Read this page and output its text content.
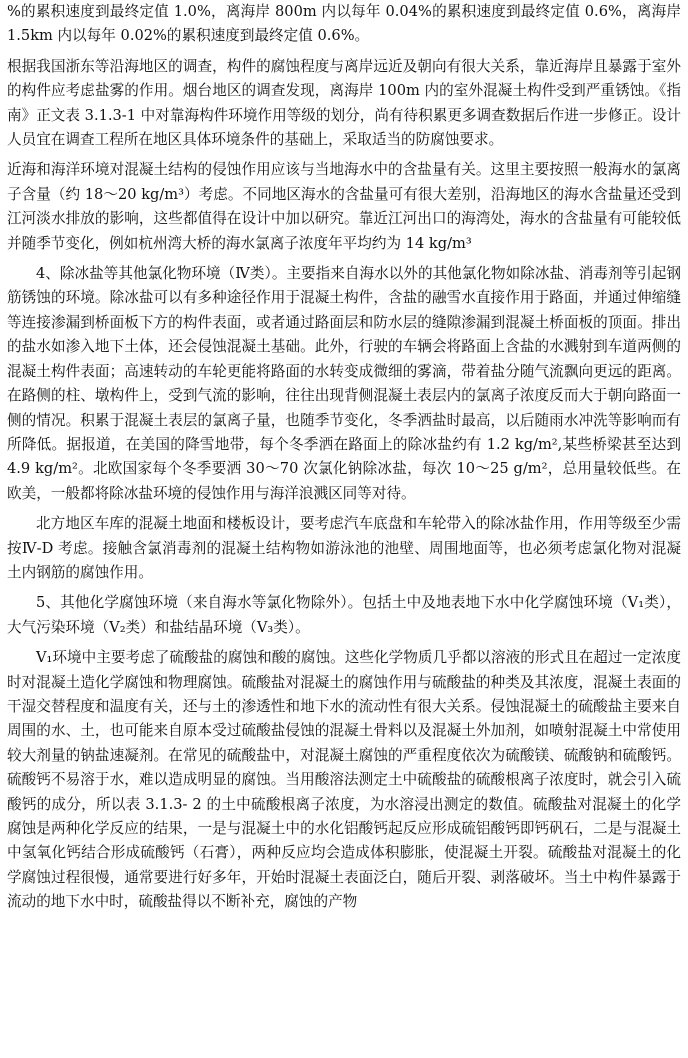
%的累积速度到最终定值 1.0%，离海岸 800m 内以每年 0.04%的累积速度到最终定值 0.6%，离海岸 1.5km 内以每年 0.02%的累积速度到最终定值 0.6%。

根据我国浙东等沿海地区的调查，构件的腐蚀程度与离岸远近及朝向有很大关系，靠近海岸且暴露于室外的构件应考虑盐雾的作用。烟台地区的调查发现，离海岸 100m 内的室外混凝土构件受到严重锈蚀。《指南》正文表 3.1.3-1 中对靠海构件环境作用等级的划分，尚有待积累更多调查数据后作进一步修正。设计人员宜在调查工程所在地区具体环境条件的基础上，采取适当的防腐蚀要求。

近海和海洋环境对混凝土结构的侵蚀作用应该与当地海水中的含盐量有关。这里主要按照一般海水的氯离子含量（约 18～20 kg/m³）考虑。不同地区海水的含盐量可有很大差别，沿海地区的海水含盐量还受到江河淡水排放的影响，这些都值得在设计中加以研究。靠近江河出口的海湾处，海水的含盐量有可能较低并随季节变化，例如杭州湾大桥的海水氯离子浓度年平均约为 14 kg/m³

4、除冰盐等其他氯化物环境（Ⅳ类）。主要指来自海水以外的其他氯化物如除冰盐、消毒剂等引起钢筋锈蚀的环境。除冰盐可以有多种途径作用于混凝土构件，含盐的融雪水直接作用于路面，并通过伸缩缝等连接渗漏到桥面板下方的构件表面，或者通过路面层和防水层的缝隙渗漏到混凝土桥面板的顶面。排出的盐水如渗入地下土体，还会侵蚀混凝土基础。此外，行驶的车辆会将路面上含盐的水溅射到车道两侧的混凝土构件表面；高速转动的车轮更能将路面的水转变成微细的雾滴，带着盐分随气流飘向更远的距离。在路侧的柱、墩构件上，受到气流的影响，往往出现背侧混凝土表层内的氯离子浓度反而大于朝向路面一侧的情况。积累于混凝土表层的氯离子量，也随季节变化，冬季洒盐时最高，以后随雨水冲洗等影响而有所降低。据报道，在美国的降雪地带，每个冬季洒在路面上的除冰盐约有 1.2 kg/m²,某些桥梁甚至达到 4.9 kg/m²。北欧国家每个冬季要洒 30～70 次氯化钠除冰盐，每次 10～25 g/m²，总用量较低些。在欧美，一般都将除冰盐环境的侵蚀作用与海洋浪溅区同等对待。

北方地区车库的混凝土地面和楼板设计，要考虑汽车底盘和车轮带入的除冰盐作用，作用等级至少需按Ⅳ-D 考虑。接触含氯消毒剂的混凝土结构物如游泳池的池壁、周围地面等，也必须考虑氯化物对混凝土内钢筋的腐蚀作用。

5、其他化学腐蚀环境（来自海水等氯化物除外）。包括土中及地表地下水中化学腐蚀环境（V₁类），大气污染环境（V₂类）和盐结晶环境（V₃类）。

V₁环境中主要考虑了硫酸盐的腐蚀和酸的腐蚀。这些化学物质几乎都以溶液的形式且在超过一定浓度时对混凝土造化学腐蚀和物理腐蚀。硫酸盐对混凝土的腐蚀作用与硫酸盐的种类及其浓度，混凝土表面的干湿交替程度和温度有关，还与土的渗透性和地下水的流动性有很大关系。侵蚀混凝土的硫酸盐主要来自周围的水、土，也可能来自原本受过硫酸盐侵蚀的混凝土骨料以及混凝土外加剂，如喷射混凝土中常使用较大剂量的钠盐速凝剂。在常见的硫酸盐中，对混凝土腐蚀的严重程度依次为硫酸镁、硫酸钠和硫酸钙。硫酸钙不易溶于水，难以造成明显的腐蚀。当用酸溶法测定土中硫酸盐的硫酸根离子浓度时，就会引入硫酸钙的成分，所以表 3.1.3- 2 的土中硫酸根离子浓度，为水溶浸出测定的数值。硫酸盐对混凝土的化学腐蚀是两种化学反应的结果，一是与混凝土中的水化铝酸钙起反应形成硫铝酸钙即钙矾石，二是与混凝土中氢氧化钙结合形成硫酸钙（石膏），两种反应均会造成体积膨胀，使混凝土开裂。硫酸盐对混凝土的化学腐蚀过程很慢，通常要进行好多年，开始时混凝土表面泛白，随后开裂、剥落破坏。当土中构件暴露于流动的地下水中时，硫酸盐得以不断补充，腐蚀的产物
